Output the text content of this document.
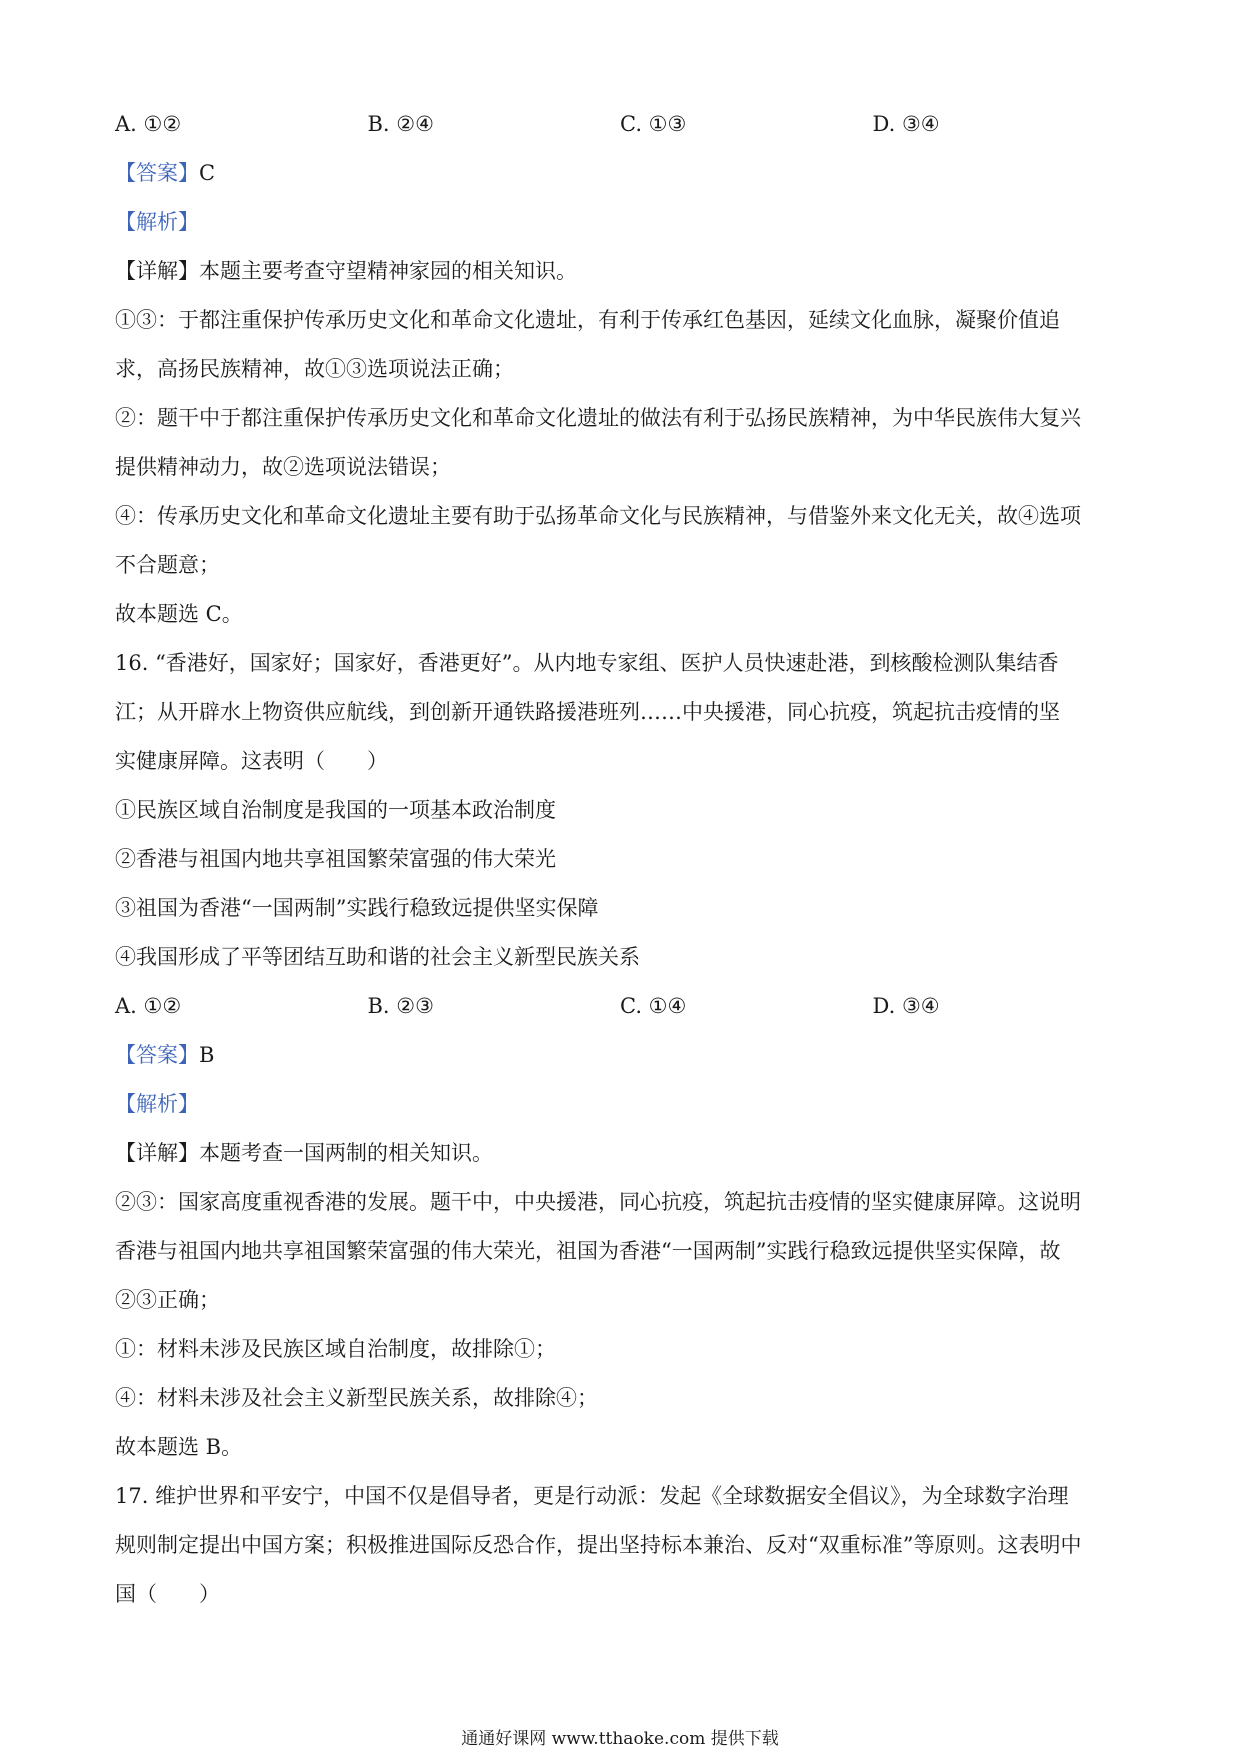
A. ①②	B. ②④	C. ①③	D. ③④
【答案】C
【解析】
【详解】本题主要考查守望精神家园的相关知识。
①③：于都注重保护传承历史文化和革命文化遗址，有利于传承红色基因，延续文化血脉，凝聚价值追
求，高扬民族精神，故①③选项说法正确；
②：题干中于都注重保护传承历史文化和革命文化遗址的做法有利于弘扬民族精神，为中华民族伟大复兴
提供精神动力，故②选项说法错误；
④：传承历史文化和革命文化遗址主要有助于弘扬革命文化与民族精神，与借鉴外来文化无关，故④选项
不合题意；
故本题选 C。
16. “香港好，国家好；国家好，香港更好”。从内地专家组、医护人员快速赴港，到核酸检测队集结香
江；从开辟水上物资供应航线，到创新开通铁路援港班列……中央援港，同心抗疫，筑起抗击疫情的坚
实健康屏障。这表明（　　）
①民族区域自治制度是我国的一项基本政治制度
②香港与祖国内地共享祖国繁荣富强的伟大荣光
③祖国为香港“一国两制”实践行稳致远提供坚实保障
④我国形成了平等团结互助和谐的社会主义新型民族关系
A. ①②	B. ②③	C. ①④	D. ③④
【答案】B
【解析】
【详解】本题考查一国两制的相关知识。
②③：国家高度重视香港的发展。题干中，中央援港，同心抗疫，筑起抗击疫情的坚实健康屏障。这说明
香港与祖国内地共享祖国繁荣富强的伟大荣光，祖国为香港“一国两制”实践行稳致远提供坚实保障，故
②③正确；
①：材料未涉及民族区域自治制度，故排除①；
④：材料未涉及社会主义新型民族关系，故排除④；
故本题选 B。
17. 维护世界和平安宁，中国不仅是倡导者，更是行动派：发起《全球数据安全倡议》，为全球数字治理
规则制定提出中国方案；积极推进国际反恐合作，提出坚持标本兼治、反对“双重标准”等原则。这表明中
国（　　）
通通好课网 www.tthaoke.com 提供下载
